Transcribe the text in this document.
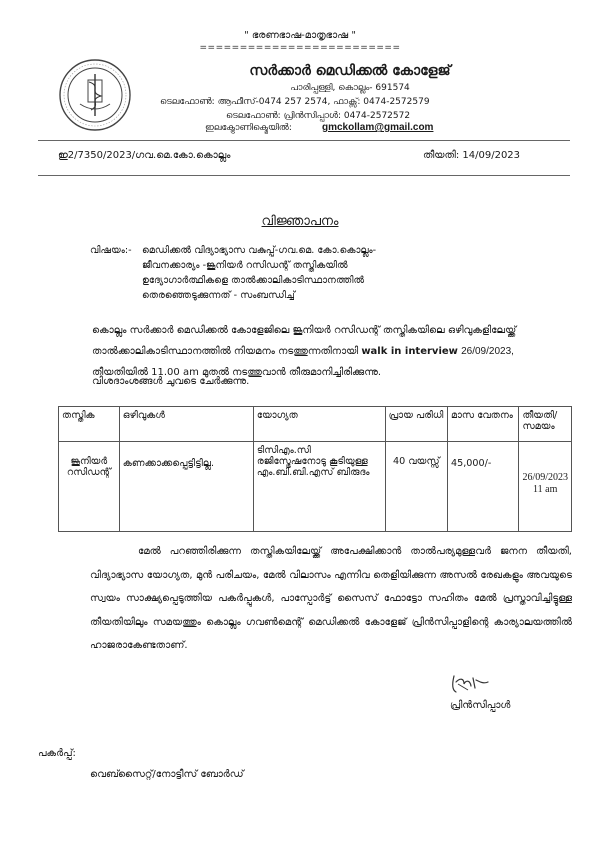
" ഭരണഭാഷ-മാതൃഭാഷ "
=========================
സർക്കാർ മെഡിക്കൽ കോളേജ്
പാരിപ്പള്ളി, കൊല്ലം- 691574
ടെലഫോൺ: ആഫീസ്-0474 257 2574, ഫാക്സ്: 0474-2572579
ടെലഫോൺ: പ്രിൻസിപ്പാൾ: 0474-2572572
ഇലക്ട്രോണിക്മെയിൽ:	gmckollam@gmail.com
ഇ2/7350/2023/ഗവ.മെ.കോ.കൊല്ലം	തീയതി: 14/09/2023
വിജ്ഞാപനം
വിഷയം:- മെഡിക്കൽ വിദ്യാഭ്യാസ വകുപ്പ്-ഗവ.മെ. കോ.കൊല്ലം-
ജീവനക്കാര്യം -ജൂനിയർ റസിഡന്റ് തസ്തികയിൽ
ഉദ്യോഗാർത്ഥികളെ താൽക്കാലികാടിസ്ഥാനത്തിൽ
തെരഞ്ഞെടുക്കുന്നത് - സംബന്ധിച്ച്
കൊല്ലം സർക്കാർ മെഡിക്കൽ കോളേജിലെ ജൂനിയർ റസിഡന്റ് തസ്തികയിലെ ഒഴിവുകളിലേയ്ക്ക് താൽക്കാലികാടിസ്ഥാനത്തിൽ നിയമനം നടത്തുന്നതിനായി walk in interview 26/09/2023, തീയതിയിൽ 11.00 am മുതൽ നടത്തുവാൻ തീരുമാനിച്ചിരിക്കുന്നു.
വിശദാംശങ്ങൾ ചുവടെ ചേർക്കുന്നു.
തസ്തിക	ഒഴിവുകൾ	യോഗ്യത	പ്രായ പരിധി	മാസ വേതനം	തീയതി/ സമയം
ജൂനിയർ റസിഡന്റ്	കണക്കാക്കപ്പെട്ടിട്ടില്ല.	ടിസിഎം.സി രജിസ്ട്രേഷനോടു കൂടിയുള്ള എം.ബി.ബി.എസ് ബിരുദം	40 വയസ്സ്	45,000/-	26/09/2023
11 am

മേൽ പറഞ്ഞിരിക്കുന്ന തസ്തികയിലേയ്ക്ക് അപേക്ഷിക്കാൻ താൽപര്യമുള്ളവർ ജനന തീയതി, വിദ്യാഭ്യാസ യോഗ്യത, മുൻ പരിചയം, മേൽ വിലാസം എന്നിവ തെളിയിക്കുന്ന അസൽ രേഖകളും അവയുടെ സ്വയം സാക്ഷ്യപ്പെടുത്തിയ പകർപ്പുകൾ, പാസ്പോർട്ട് സൈസ് ഫോട്ടോ സഹിതം മേൽ പ്രസ്താവിച്ചിട്ടുള്ള തീയതിയിലും സമയത്തും കൊല്ലം ഗവൺമെന്റ് മെഡിക്കൽ കോളേജ് പ്രിൻസിപ്പാളിന്റെ കാര്യാലയത്തിൽ ഹാജരാകേണ്ടതാണ്.

പ്രിൻസിപ്പാൾ
പകർപ്പ്:
വെബ്സൈറ്റ്/നോട്ടീസ് ബോർഡ്
